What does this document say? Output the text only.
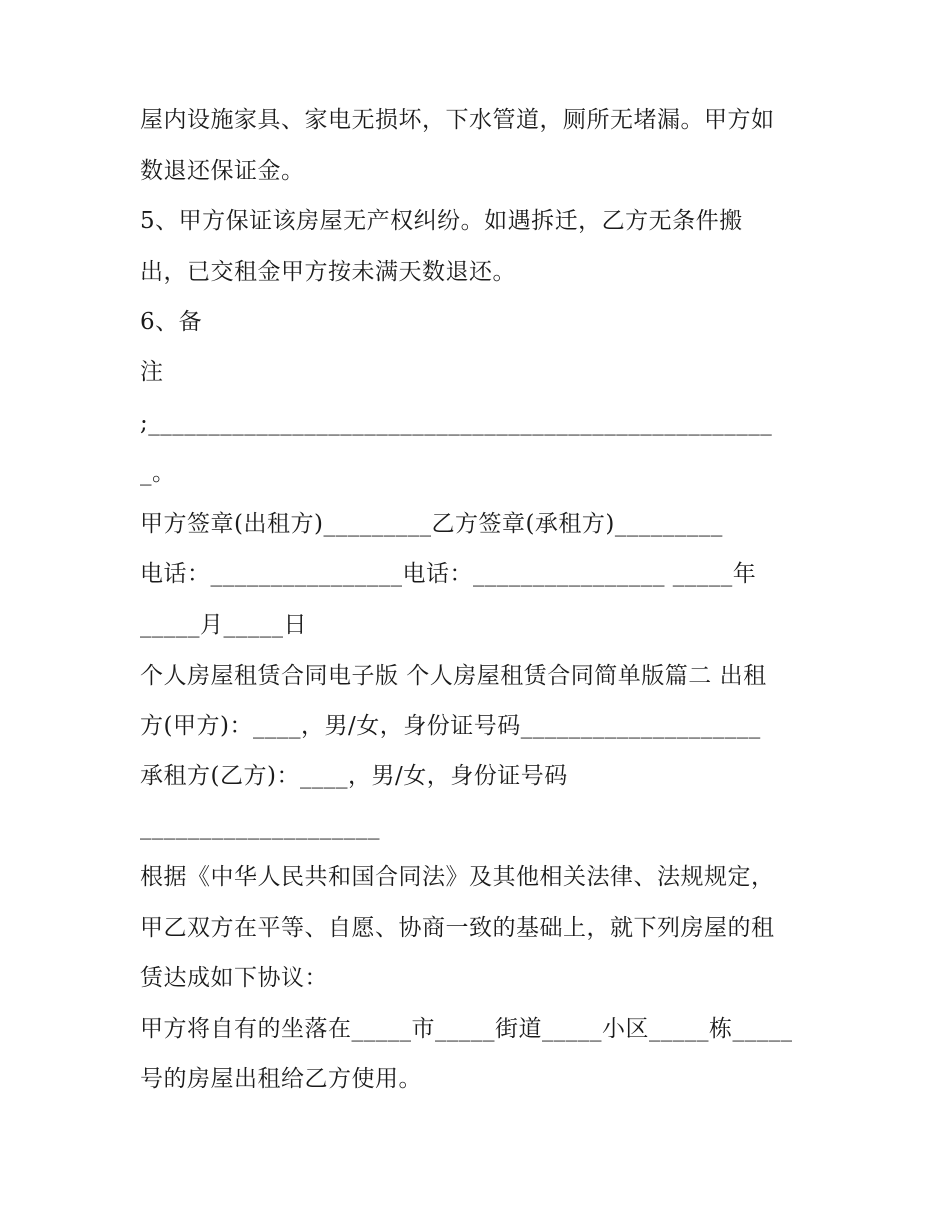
屋内设施家具、家电无损坏，下水管道，厕所无堵漏。甲方如
数退还保证金。
5、甲方保证该房屋无产权纠纷。如遇拆迁，乙方无条件搬
出，已交租金甲方按未满天数退还。
6、备
注
;____________________________________________________
_。
甲方签章(出租方)_________乙方签章(承租方)_________
电话：________________电话：________________ _____年
_____月_____日
个人房屋租赁合同电子版 个人房屋租赁合同简单版篇二 出租
方(甲方)：____，男/女，身份证号码____________________
承租方(乙方)：____，男/女，身份证号码
____________________
根据《中华人民共和国合同法》及其他相关法律、法规规定，
甲乙双方在平等、自愿、协商一致的基础上，就下列房屋的租
赁达成如下协议：
甲方将自有的坐落在_____市_____街道_____小区_____栋_____
号的房屋出租给乙方使用。
